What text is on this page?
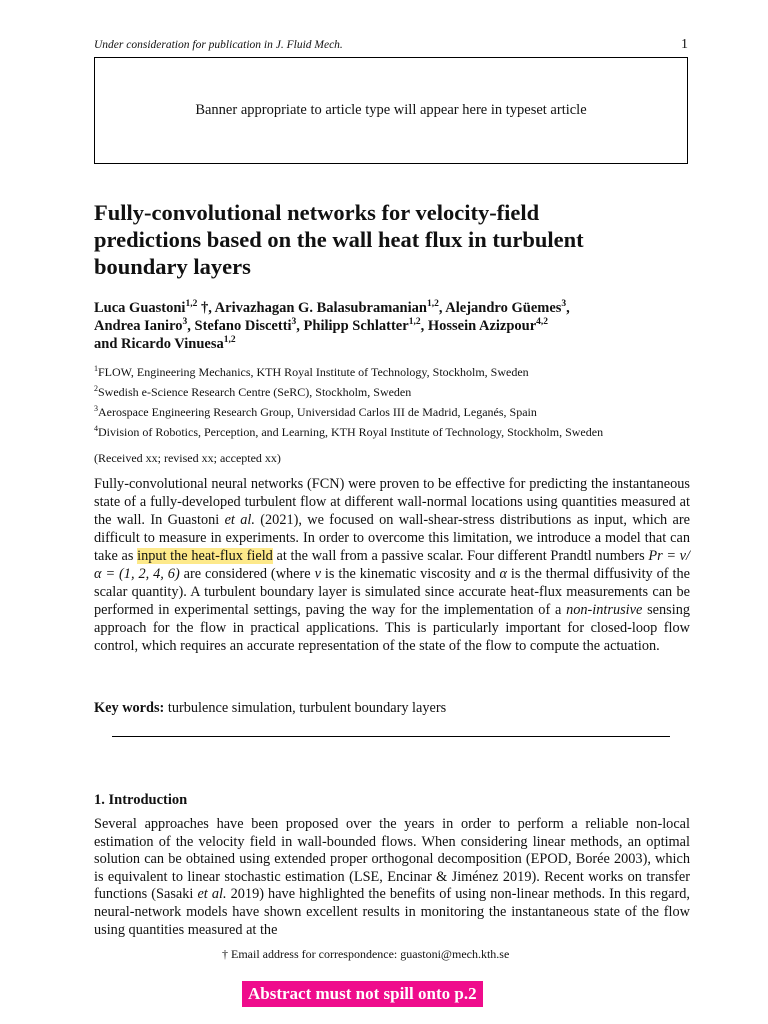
Under consideration for publication in J. Fluid Mech.	1
Banner appropriate to article type will appear here in typeset article
Fully-convolutional networks for velocity-field
predictions based on the wall heat flux in turbulent
boundary layers
Luca Guastoni$^{1,2}$ †, Arivazhagan G. Balasubramanian$^{1,2}$, Alejandro Güemes$^3$,
Andrea Ianiro$^3$, Stefano Discetti$^3$, Philipp Schlatter$^{1,2}$, Hossein Azizpour$^{4,2}$
and Ricardo Vinuesa$^{1,2}$
$^1$FLOW, Engineering Mechanics, KTH Royal Institute of Technology, Stockholm, Sweden
$^2$Swedish e-Science Research Centre (SeRC), Stockholm, Sweden
$^3$Aerospace Engineering Research Group, Universidad Carlos III de Madrid, Leganés, Spain
$^4$Division of Robotics, Perception, and Learning, KTH Royal Institute of Technology, Stockholm, Sweden
(Received xx; revised xx; accepted xx)
Fully-convolutional neural networks (FCN) were proven to be effective for predicting the instantaneous state of a fully-developed turbulent flow at different wall-normal locations using quantities measured at the wall. In Guastoni et al. (2021), we focused on wall-shear-stress distributions as input, which are difficult to measure in experiments. In order to overcome this limitation, we introduce a model that can take as input the heat-flux field at the wall from a passive scalar. Four different Prandtl numbers Pr = ν/α = (1, 2, 4, 6) are considered (where ν is the kinematic viscosity and α is the thermal diffusivity of the scalar quantity). A turbulent boundary layer is simulated since accurate heat-flux measurements can be performed in experimental settings, paving the way for the implementation of a non-intrusive sensing approach for the flow in practical applications. This is particularly important for closed-loop flow control, which requires an accurate representation of the state of the flow to compute the actuation.
Key words: turbulence simulation, turbulent boundary layers
1. Introduction
Several approaches have been proposed over the years in order to perform a reliable non-local estimation of the velocity field in wall-bounded flows. When considering linear methods, an optimal solution can be obtained using extended proper orthogonal decomposition (EPOD, Borée 2003), which is equivalent to linear stochastic estimation (LSE, Encinar & Jiménez 2019). Recent works on transfer functions (Sasaki et al. 2019) have highlighted the benefits of using non-linear methods. In this regard, neural-network models have shown excellent results in monitoring the instantaneous state of the flow using quantities measured at the
† Email address for correspondence: guastoni@mech.kth.se
Abstract must not spill onto p.2
